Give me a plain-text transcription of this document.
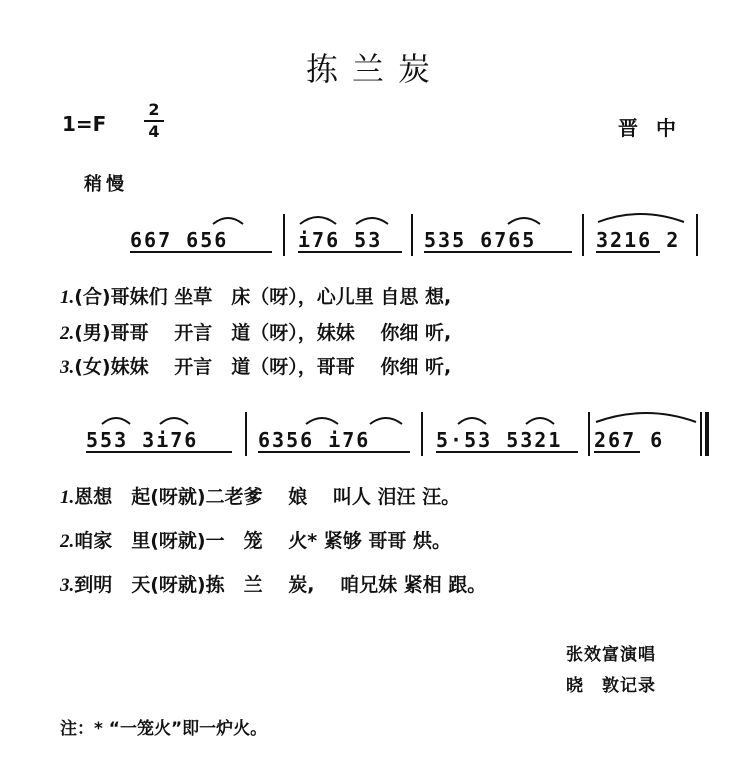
拣兰炭
1=F
2
4	晋中
稍慢
667 656	i76 53 535 6765	3216 2
1.(合)哥妹们 坐草　床（呀），心儿里 自思 想,
2.(男)哥哥　 开言　道（呀），妹妹　 你细 听,
3.(女)妹妹　 开言　道（呀），哥哥　 你细 听,
553 3i76	6356 i76	5·53 5321 267 6
1.恩想　起(呀就)二老爹　 娘　 叫人 泪汪 汪。
2.咱家　里(呀就)一　笼　 火* 紧够 哥哥 烘。
3.到明　天(呀就)拣　兰　 炭,　 咱兄妹 紧相 跟。
张效富演唱
晓　敦记录
注：* “一笼火”即一炉火。
